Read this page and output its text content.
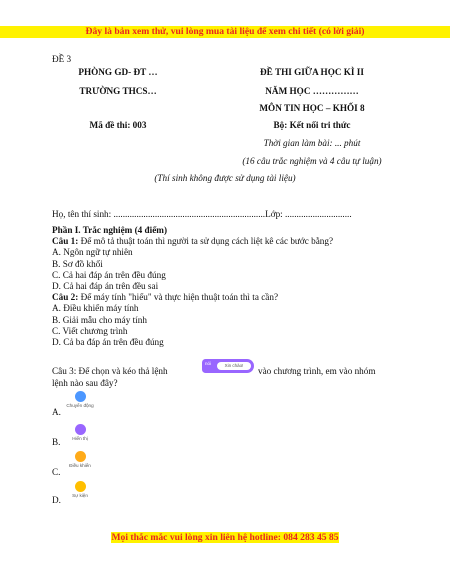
Đây là bản xem thử, vui lòng mua tài liệu để xem chi tiết (có lời giải)
ĐỀ 3
PHÒNG GD- ĐT …
TRƯỜNG THCS…
Mã đề thi: 003
ĐỀ THI GIỮA HỌC KÌ II
NĂM HỌC ……………
MÔN TIN HỌC – KHỐI 8
Bộ: Kết nối tri thức
Thời gian làm bài: ... phút
(16 câu trắc nghiệm và 4 câu tự luận)
(Thí sinh không được sử dụng tài liệu)
Họ, tên thí sinh: ..................................................................Lớp: .............................
Phần I. Trắc nghiệm (4 điểm)
Câu 1: Để mô tả thuật toán thì người ta sử dụng cách liệt kê các bước bằng?
A. Ngôn ngữ tự nhiên
B. Sơ đồ khối
C. Cả hai đáp án trên đều đúng
D. Cả hai đáp án trên đều sai
Câu 2: Để máy tính "hiểu" và thực hiện thuật toán thì ta cần?
A. Điều khiển máy tính
B. Giải mẫu cho máy tính
C. Viết chương trình
D. Cả ba đáp án trên đều đúng
Câu 3: Để chọn và kéo thả lệnh
nói	Xin chào!
vào chương trình, em vào nhóm
lệnh nào sau đây?
A.
Chuyển động
B.	Hiển thị
C.
Điều khiển
D.	Sự kiện
Mọi thắc mắc vui lòng xin liên hệ hotline: 084 283 45 85
